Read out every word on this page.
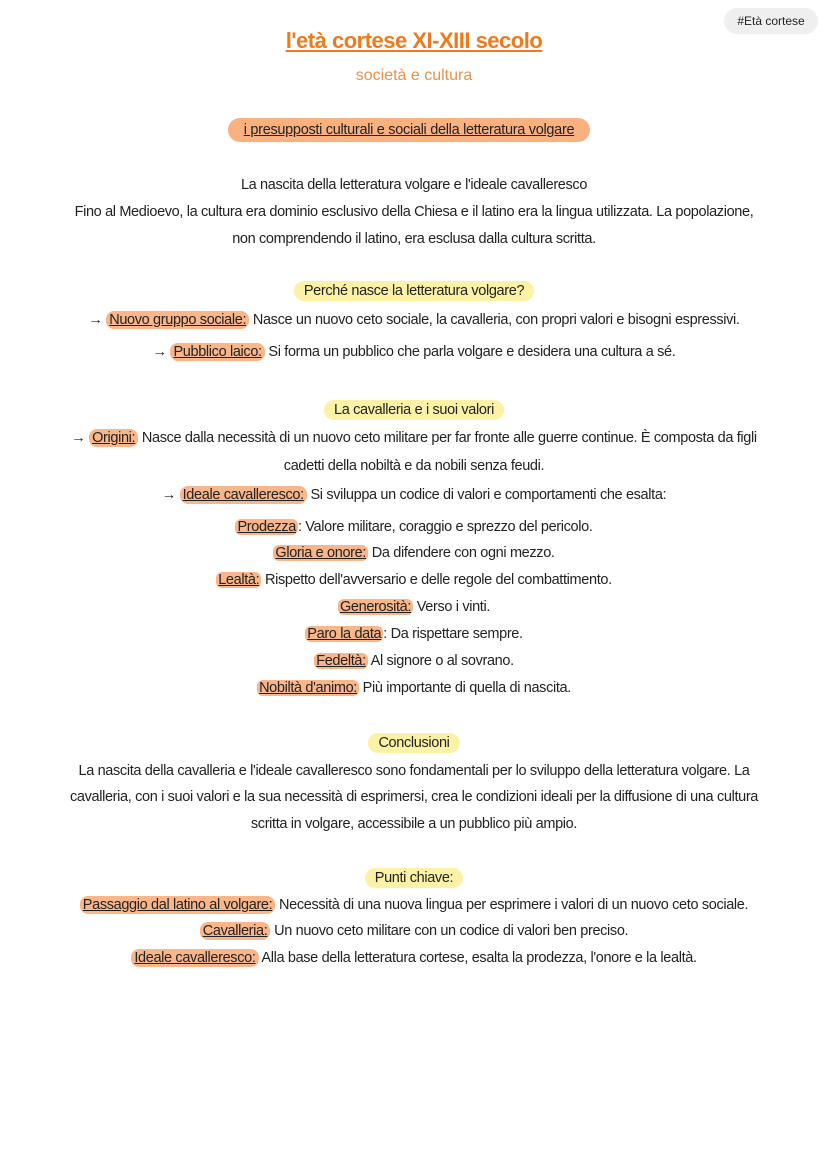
#Età cortese
l'età cortese XI-XIII secolo
società e cultura
i presupposti culturali e sociali della letteratura volgare
La nascita della letteratura volgare e l'ideale cavalleresco
Fino al Medioevo, la cultura era dominio esclusivo della Chiesa e il latino era la lingua utilizzata. La popolazione,
non comprendendo il latino, era esclusa dalla cultura scritta.
Perché nasce la letteratura volgare?
→ Nuovo gruppo sociale: Nasce un nuovo ceto sociale, la cavalleria, con propri valori e bisogni espressivi.
→ Pubblico laico: Si forma un pubblico che parla volgare e desidera una cultura a sé.
La cavalleria e i suoi valori
→ Origini: Nasce dalla necessità di un nuovo ceto militare per far fronte alle guerre continue. È composta da figli
cadetti della nobiltà e da nobili senza feudi.
→ Ideale cavalleresco: Si sviluppa un codice di valori e comportamenti che esalta:
Prodezza : Valore militare, coraggio e sprezzo del pericolo.
Gloria e onore: Da difendere con ogni mezzo.
Lealtà: Rispetto dell'avversario e delle regole del combattimento.
Generosità: Verso i vinti.
Paro la data : Da rispettare sempre.
Fedeltà: Al signore o al sovrano.
Nobiltà d'animo: Più importante di quella di nascita.
Conclusioni
La nascita della cavalleria e l'ideale cavalleresco sono fondamentali per lo sviluppo della letteratura volgare. La
cavalleria, con i suoi valori e la sua necessità di esprimersi, crea le condizioni ideali per la diffusione di una cultura
scritta in volgare, accessibile a un pubblico più ampio.
Punti chiave:
Passaggio dal latino al volgare: Necessità di una nuova lingua per esprimere i valori di un nuovo ceto sociale.
Cavalleria: Un nuovo ceto militare con un codice di valori ben preciso.
Ideale cavalleresco: Alla base della letteratura cortese, esalta la prodezza, l'onore e la lealtà.
